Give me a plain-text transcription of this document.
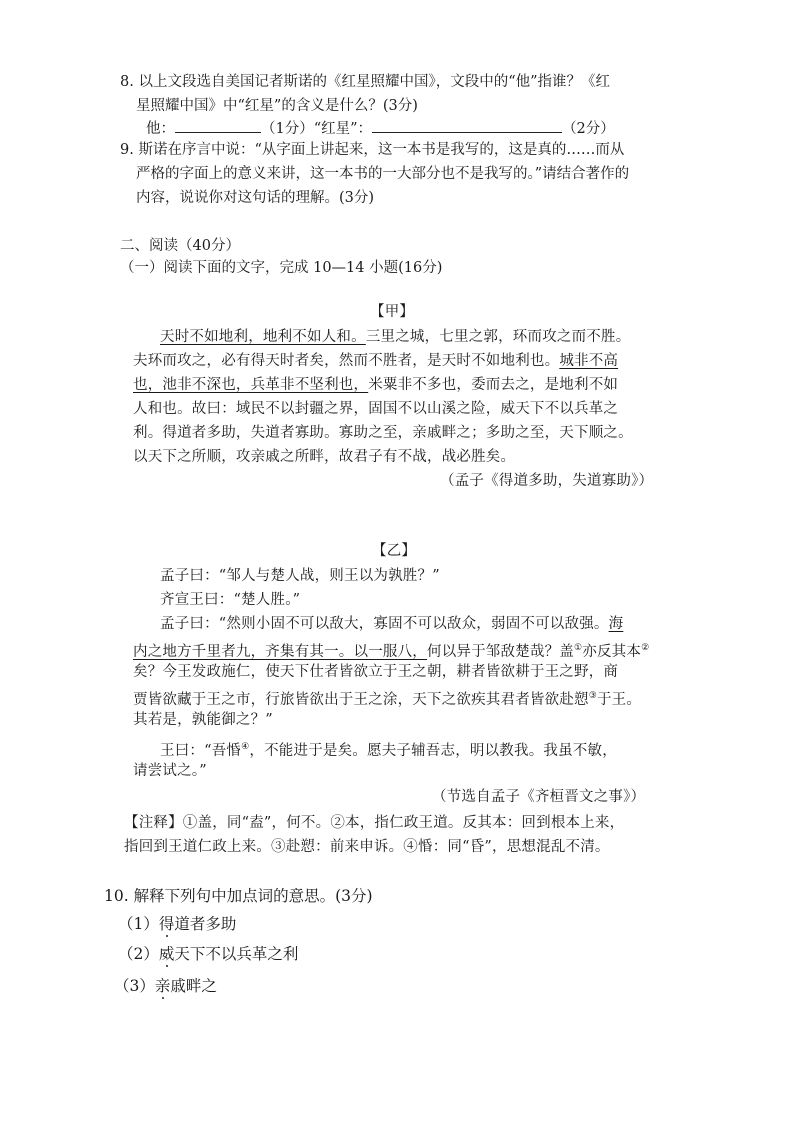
8. 以上文段选自美国记者斯诺的《红星照耀中国》，文段中的“他”指谁？《红
星照耀中国》中“红星”的含义是什么？(3分)
他：	（1分）“红星”：	（2分）
9. 斯诺在序言中说：“从字面上讲起来，这一本书是我写的，这是真的……而从
严格的字面上的意义来讲，这一本书的一大部分也不是我写的。”请结合著作的
内容，说说你对这句话的理解。(3分)
二、阅读（40分）
（一）阅读下面的文字，完成 10—14 小题(16分)
【甲】
天时不如地利，地利不如人和。三里之城，七里之郭，环而攻之而不胜。
夫环而攻之，必有得天时者矣，然而不胜者，是天时不如地利也。城非不高
也，池非不深也，兵革非不坚利也，米粟非不多也，委而去之，是地利不如
人和也。故曰：域民不以封疆之界，固国不以山溪之险，威天下不以兵革之
利。得道者多助，失道者寡助。寡助之至，亲戚畔之；多助之至，天下顺之。
以天下之所顺，攻亲戚之所畔，故君子有不战，战必胜矣。
（孟子《得道多助，失道寡助》）
【乙】
孟子曰：“邹人与楚人战，则王以为孰胜？”
齐宣王曰：“楚人胜。”
孟子曰：“然则小固不可以敌大，寡固不可以敌众，弱固不可以敌强。海
内之地方千里者九，齐集有其一。以一服八，何以异于邹敌楚哉？盖①亦反其本②
矣？今王发政施仁，使天下仕者皆欲立于王之朝，耕者皆欲耕于王之野，商
贾皆欲藏于王之市，行旅皆欲出于王之涂，天下之欲疾其君者皆欲赴愬③于王。
其若是，孰能御之？”
王曰：“吾惛④，不能进于是矣。愿夫子辅吾志，明以教我。我虽不敏，
请尝试之。”
（节选自孟子《齐桓晋文之事》）
【注释】①盖，同“盍”，何不。②本，指仁政王道。反其本：回到根本上来，
指回到王道仁政上来。③赴愬：前来申诉。④惛：同“昏”，思想混乱不清。
10. 解释下列句中加点词的意思。(3分)
（1）得道者多助
（2）威天下不以兵革之利
（3）亲戚畔之
